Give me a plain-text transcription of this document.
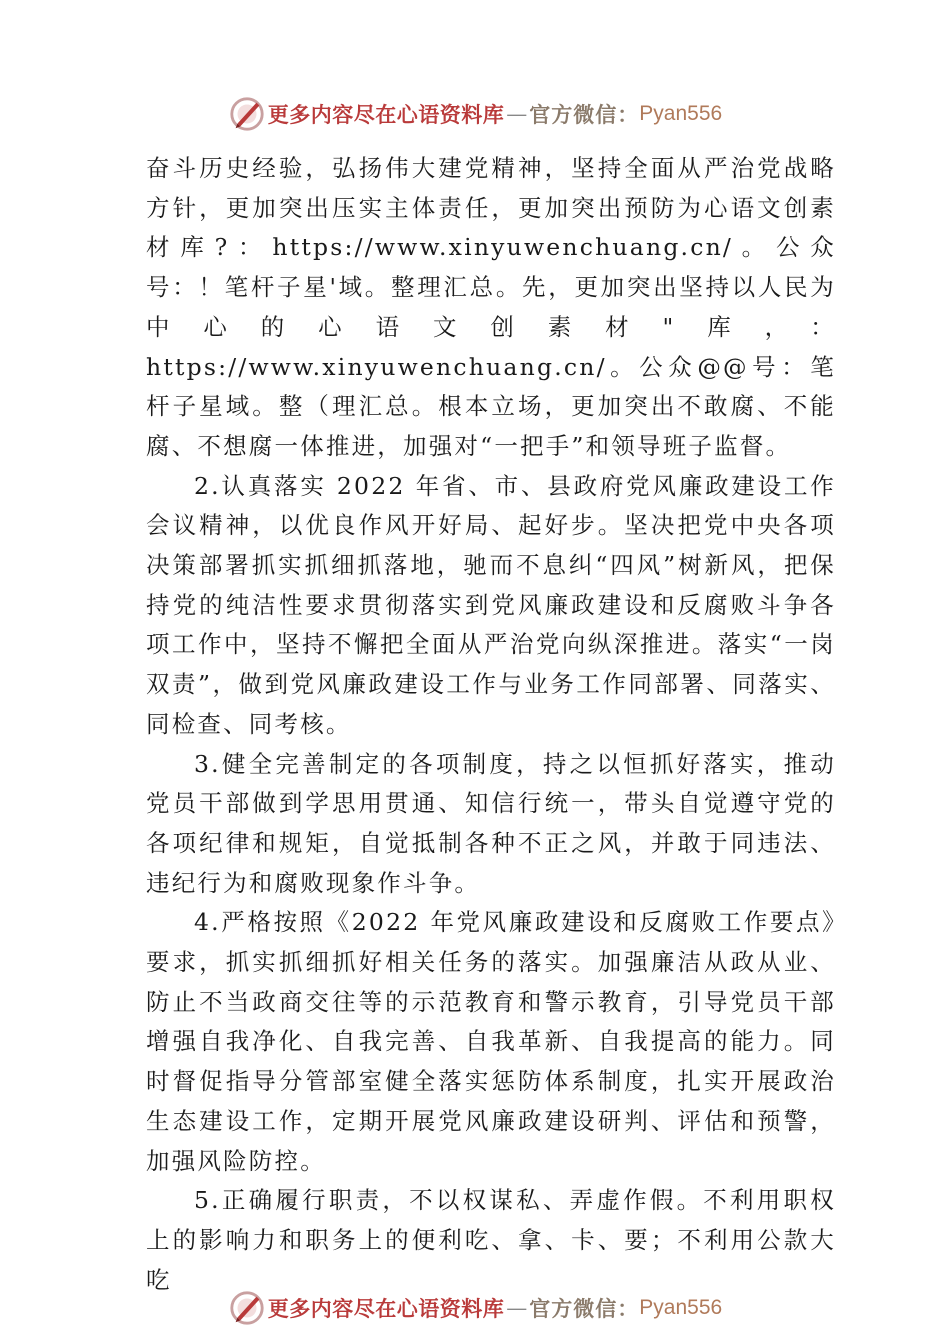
更多内容尽在心语资料库 — 官方微信： Pyan556

奋斗历史经验，弘扬伟大建党精神，坚持全面从严治党战略方针，更加突出压实主体责任，更加突出预防为心语文创素材库?：https://www.xinyuwenchuang.cn/。公众号：！笔杆子星'域。整理汇总。先，更加突出坚持以人民为中心的心语文创素材"库，：https://www.xinyuwenchuang.cn/。公众@@号：笔杆子星域。整（理汇总。根本立场，更加突出不敢腐、不能腐、不想腐一体推进，加强对“一把手”和领导班子监督。

2.认真落实 2022 年省、市、县政府党风廉政建设工作会议精神，以优良作风开好局、起好步。坚决把党中央各项决策部署抓实抓细抓落地，驰而不息纠“四风”树新风，把保持党的纯洁性要求贯彻落实到党风廉政建设和反腐败斗争各项工作中，坚持不懈把全面从严治党向纵深推进。落实“一岗双责”，做到党风廉政建设工作与业务工作同部署、同落实、同检查、同考核。

3.健全完善制定的各项制度，持之以恒抓好落实，推动党员干部做到学思用贯通、知信行统一，带头自觉遵守党的各项纪律和规矩，自觉抵制各种不正之风，并敢于同违法、 违纪行为和腐败现象作斗争。

4.严格按照《2022 年党风廉政建设和反腐败工作要点》要求，抓实抓细抓好相关任务的落实。加强廉洁从政从业、 防止不当政商交往等的示范教育和警示教育，引导党员干部增强自我净化、自我完善、自我革新、自我提高的能力。同时督促指导分管部室健全落实惩防体系制度，扎实开展政治生态建设工作，定期开展党风廉政建设研判、评估和预警， 加强风险防控。

5.正确履行职责，不以权谋私、弄虚作假。不利用职权上的影响力和职务上的便利吃、拿、卡、要；不利用公款大吃

更多内容尽在心语资料库 — 官方微信： Pyan556
